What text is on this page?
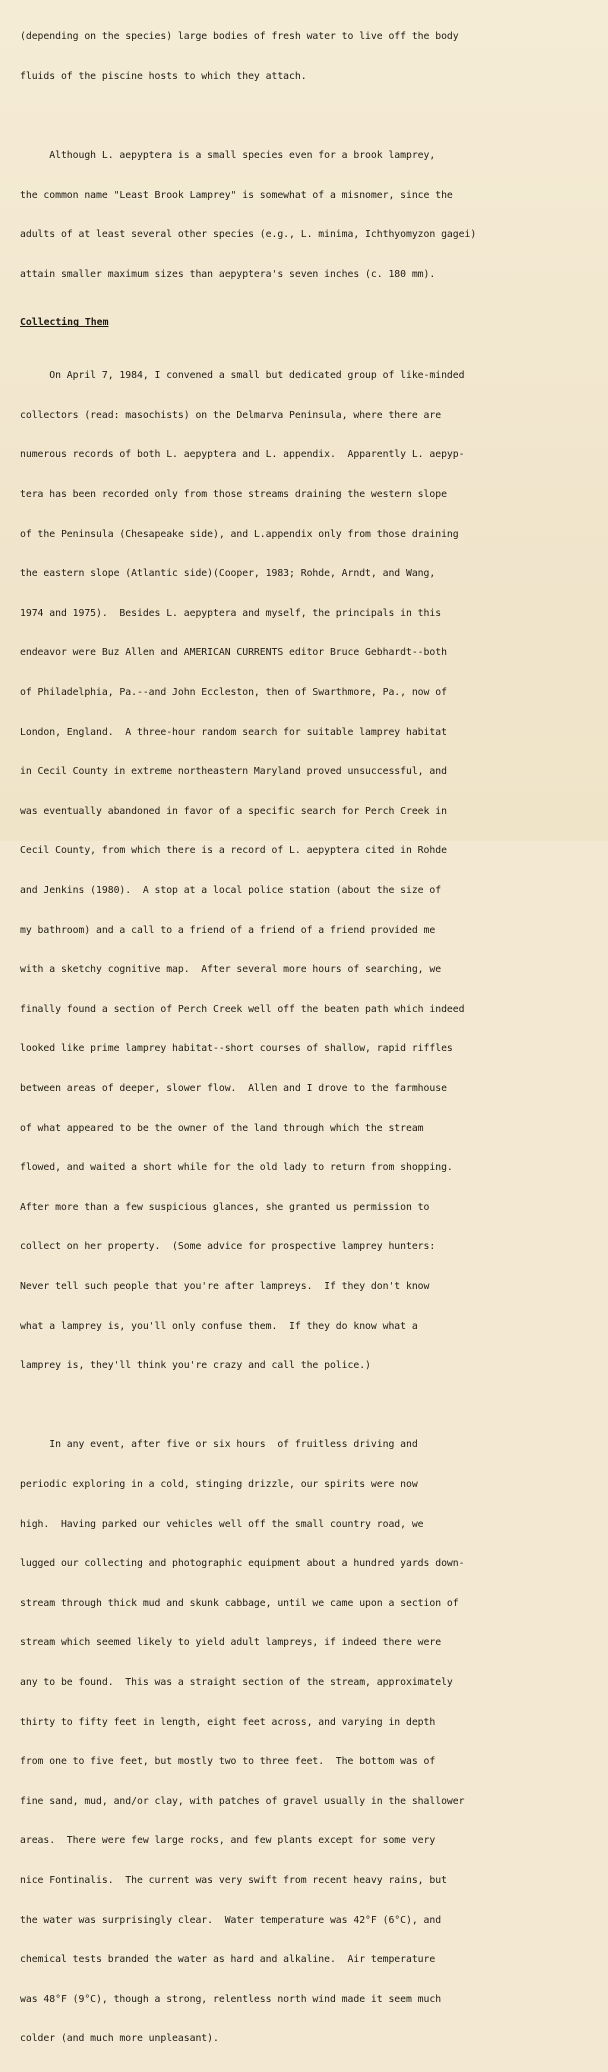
(depending on the species) large bodies of fresh water to live off the body

fluids of the piscine hosts to which they attach.

Although L. aepyptera is a small species even for a brook lamprey,

the common name "Least Brook Lamprey" is somewhat of a misnomer, since the

adults of at least several other species (e.g., L. minima, Ichthyomyzon gagei)

attain smaller maximum sizes than aepyptera's seven inches (c. 180 mm).

Collecting Them

On April 7, 1984, I convened a small but dedicated group of like-minded

collectors (read: masochists) on the Delmarva Peninsula, where there are

numerous records of both L. aepyptera and L. appendix.  Apparently L. aepyp-

tera has been recorded only from those streams draining the western slope

of the Peninsula (Chesapeake side), and L.appendix only from those draining

the eastern slope (Atlantic side)(Cooper, 1983; Rohde, Arndt, and Wang,

1974 and 1975).  Besides L. aepyptera and myself, the principals in this

endeavor were Buz Allen and AMERICAN CURRENTS editor Bruce Gebhardt--both

of Philadelphia, Pa.--and John Eccleston, then of Swarthmore, Pa., now of

London, England.  A three-hour random search for suitable lamprey habitat

in Cecil County in extreme northeastern Maryland proved unsuccessful, and

was eventually abandoned in favor of a specific search for Perch Creek in

Cecil County, from which there is a record of L. aepyptera cited in Rohde

and Jenkins (1980).  A stop at a local police station (about the size of

my bathroom) and a call to a friend of a friend of a friend provided me

with a sketchy cognitive map.  After several more hours of searching, we

finally found a section of Perch Creek well off the beaten path which indeed

looked like prime lamprey habitat--short courses of shallow, rapid riffles

between areas of deeper, slower flow.  Allen and I drove to the farmhouse

of what appeared to be the owner of the land through which the stream

flowed, and waited a short while for the old lady to return from shopping.

After more than a few suspicious glances, she granted us permission to

collect on her property.  (Some advice for prospective lamprey hunters:

Never tell such people that you're after lampreys.  If they don't know

what a lamprey is, you'll only confuse them.  If they do know what a

lamprey is, they'll think you're crazy and call the police.)

In any event, after five or six hours  of fruitless driving and

periodic exploring in a cold, stinging drizzle, our spirits were now

high.  Having parked our vehicles well off the small country road, we

lugged our collecting and photographic equipment about a hundred yards down-

stream through thick mud and skunk cabbage, until we came upon a section of

stream which seemed likely to yield adult lampreys, if indeed there were

any to be found.  This was a straight section of the stream, approximately

thirty to fifty feet in length, eight feet across, and varying in depth

from one to five feet, but mostly two to three feet.  The bottom was of

fine sand, mud, and/or clay, with patches of gravel usually in the shallower

areas.  There were few large rocks, and few plants except for some very

nice Fontinalis.  The current was very swift from recent heavy rains, but

the water was surprisingly clear.  Water temperature was 42°F (6°C), and

chemical tests branded the water as hard and alkaline.  Air temperature

was 48°F (9°C), though a strong, relentless north wind made it seem much

colder (and much more unpleasant).
